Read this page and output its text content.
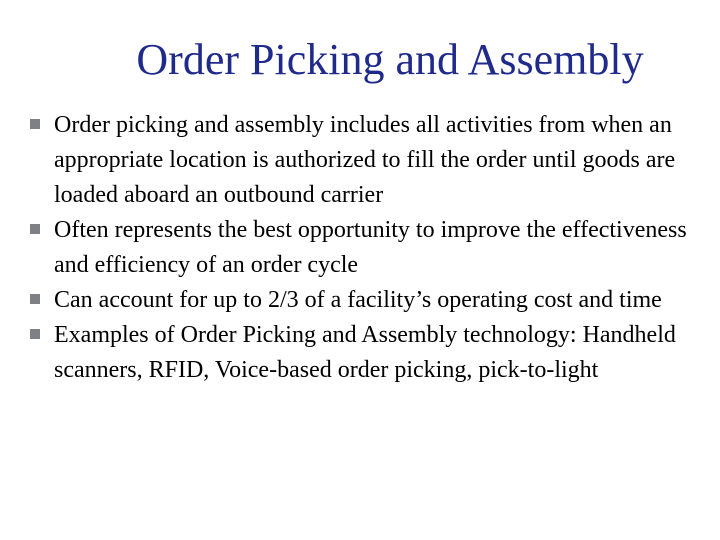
Order Picking and Assembly
Order picking and assembly includes all activities from when an appropriate location is authorized to fill the order until goods are loaded aboard an outbound carrier
Often represents the best opportunity to improve the effectiveness and efficiency of an order cycle
Can account for up to 2/3 of a facility’s operating cost and time
Examples of Order Picking and Assembly technology: Handheld scanners, RFID, Voice-based order picking, pick-to-light
